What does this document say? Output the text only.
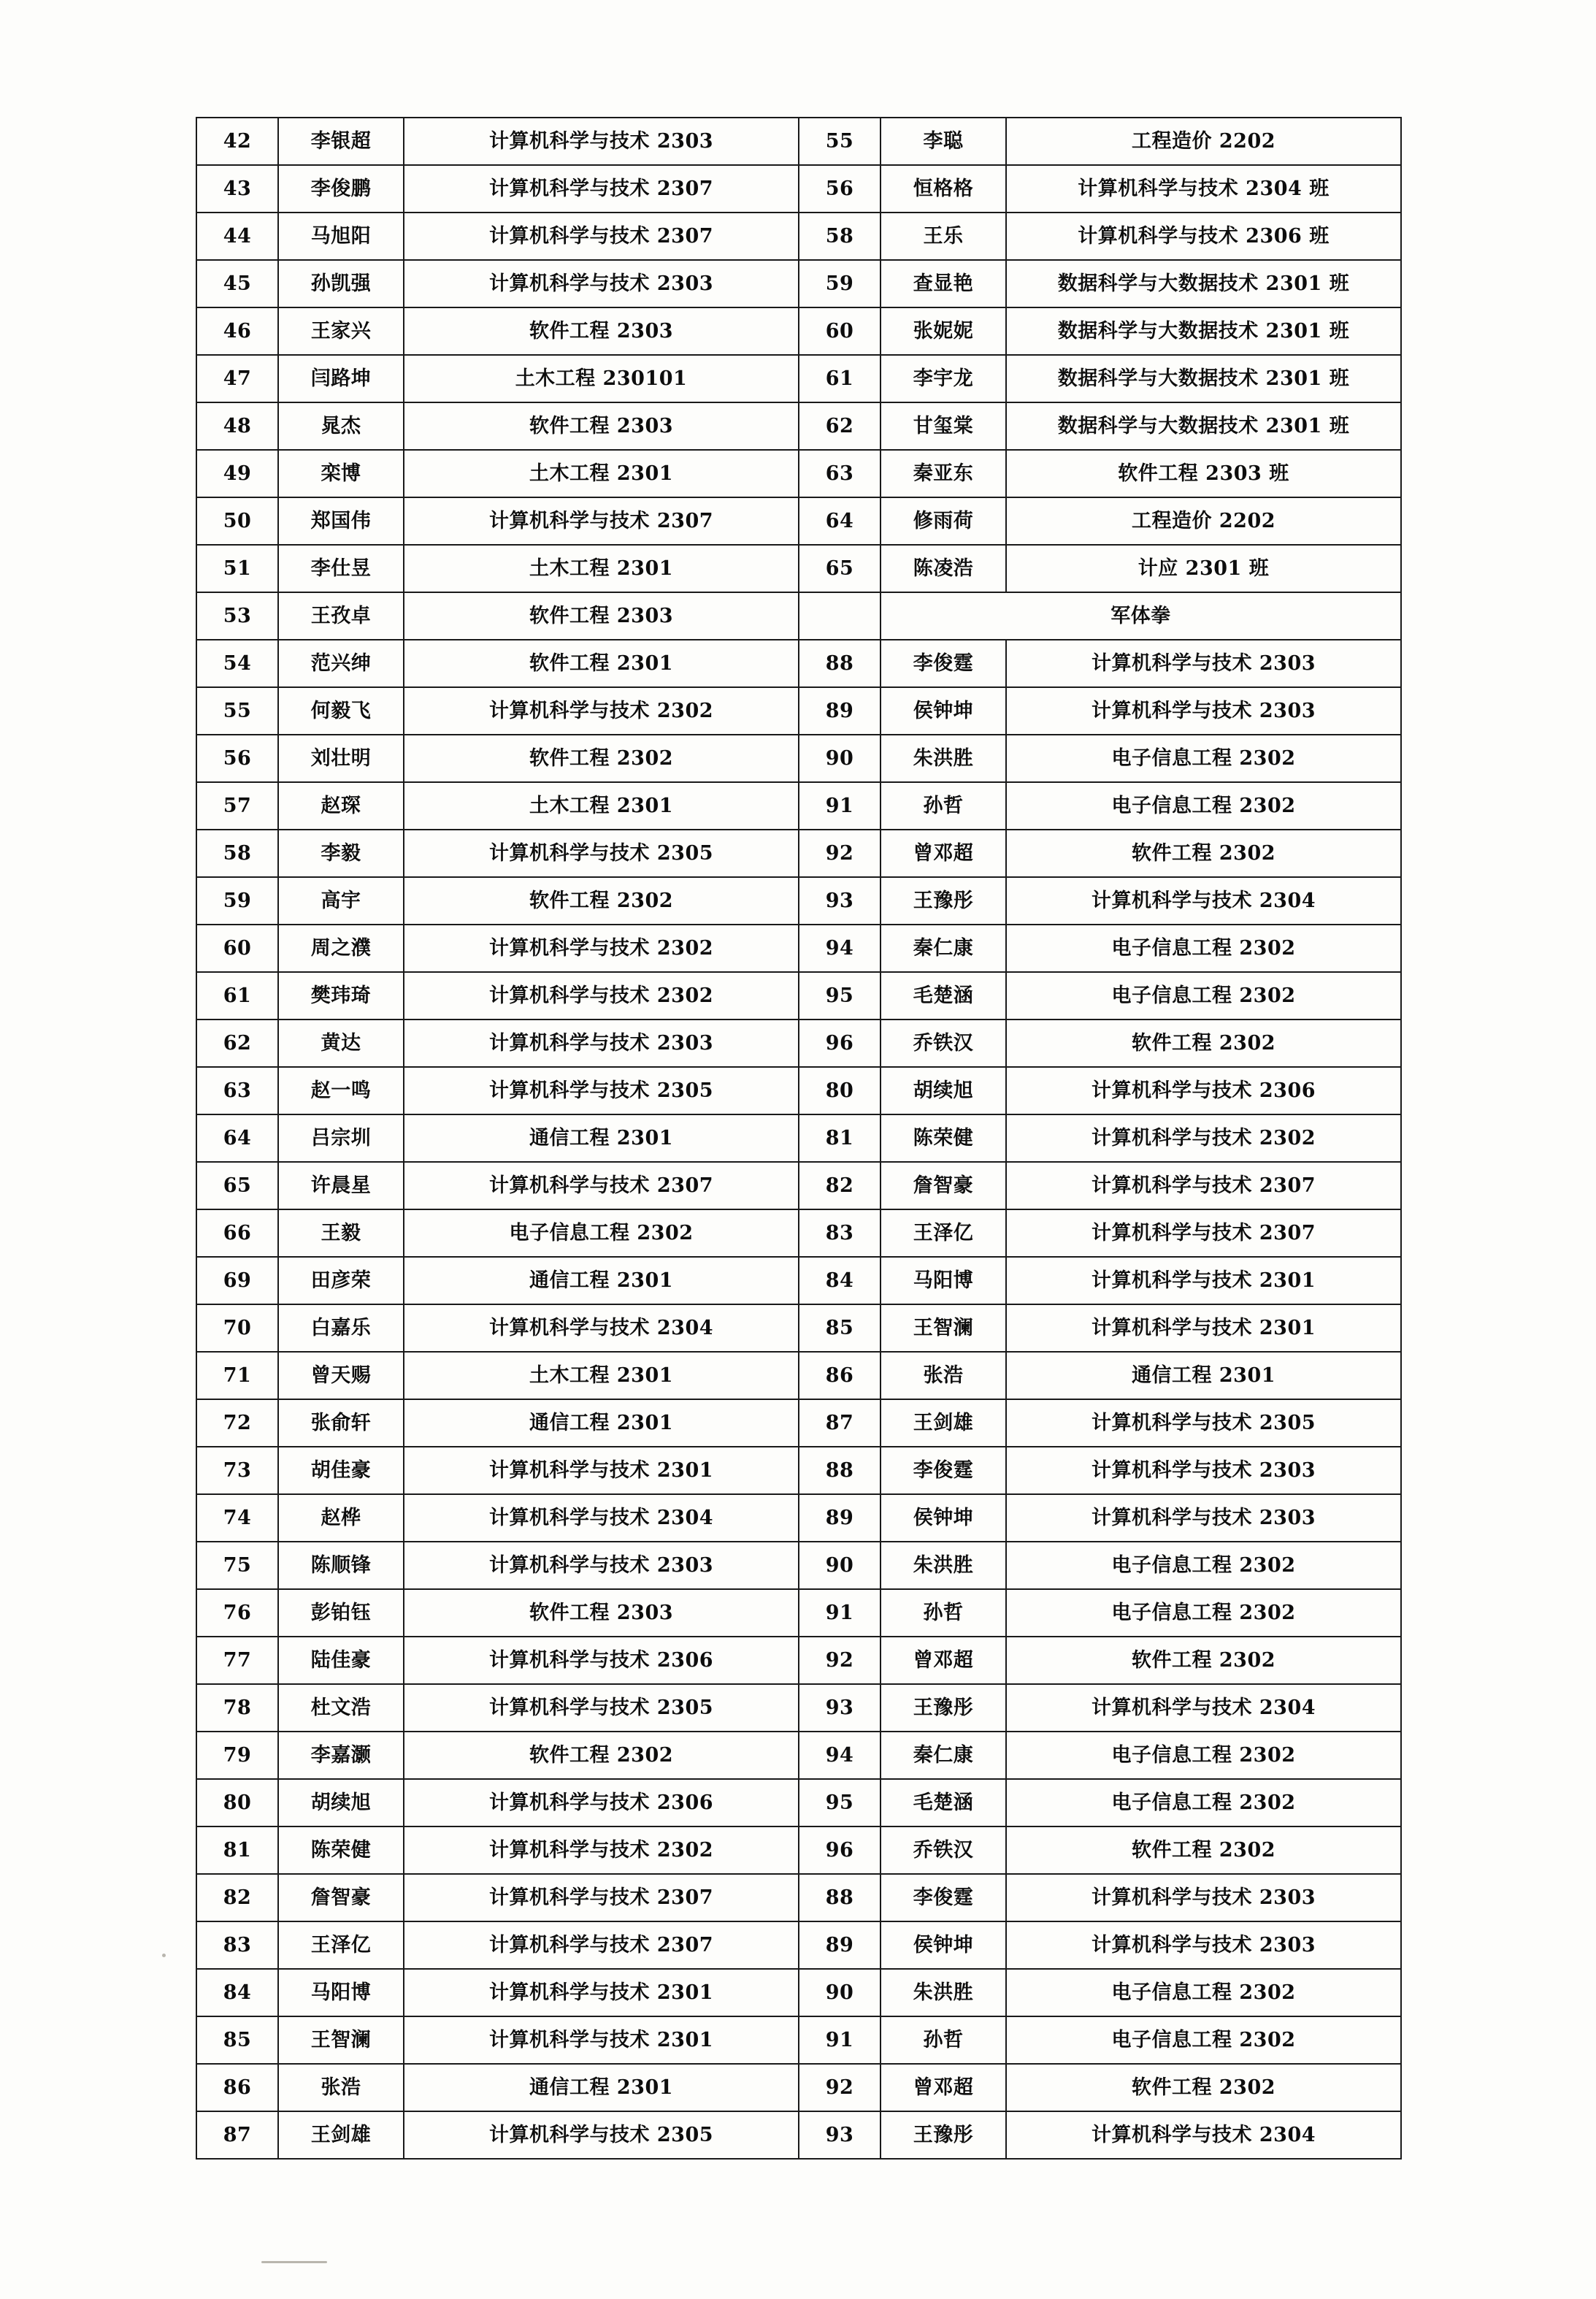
42	李银超	计算机科学与技术 2303	55	李聪	工程造价 2202
43	李俊鹏	计算机科学与技术 2307	56	恒格格	计算机科学与技术 2304 班
44	马旭阳	计算机科学与技术 2307	58	王乐	计算机科学与技术 2306 班
45	孙凯强	计算机科学与技术 2303	59	查显艳	数据科学与大数据技术 2301 班
46	王家兴	软件工程 2303	60	张妮妮	数据科学与大数据技术 2301 班
47	闫路坤	土木工程 230101	61	李宇龙	数据科学与大数据技术 2301 班
48	晁杰	软件工程 2303	62	甘玺棠	数据科学与大数据技术 2301 班
49	栾博	土木工程 2301	63	秦亚东	软件工程 2303 班
50	郑国伟	计算机科学与技术 2307	64	修雨荷	工程造价 2202
51	李仕昱	土木工程 2301	65	陈凌浩	计应 2301 班
53	王孜卓	软件工程 2303		军体拳	
54	范兴绅	软件工程 2301	88	李俊霆	计算机科学与技术 2303
55	何毅飞	计算机科学与技术 2302	89	侯钟坤	计算机科学与技术 2303
56	刘壮明	软件工程 2302	90	朱洪胜	电子信息工程 2302
57	赵琛	土木工程 2301	91	孙哲	电子信息工程 2302
58	李毅	计算机科学与技术 2305	92	曾邓超	软件工程 2302
59	高宇	软件工程 2302	93	王豫彤	计算机科学与技术 2304
60	周之濮	计算机科学与技术 2302	94	秦仁康	电子信息工程 2302
61	樊玮琦	计算机科学与技术 2302	95	毛楚涵	电子信息工程 2302
62	黄达	计算机科学与技术 2303	96	乔铁汉	软件工程 2302
63	赵一鸣	计算机科学与技术 2305	80	胡续旭	计算机科学与技术 2306
64	吕宗圳	通信工程 2301	81	陈荣健	计算机科学与技术 2302
65	许晨星	计算机科学与技术 2307	82	詹智豪	计算机科学与技术 2307
66	王毅	电子信息工程 2302	83	王泽亿	计算机科学与技术 2307
69	田彦荣	通信工程 2301	84	马阳博	计算机科学与技术 2301
70	白嘉乐	计算机科学与技术 2304	85	王智澜	计算机科学与技术 2301
71	曾天赐	土木工程 2301	86	张浩	通信工程 2301
72	张俞轩	通信工程 2301	87	王剑雄	计算机科学与技术 2305
73	胡佳豪	计算机科学与技术 2301	88	李俊霆	计算机科学与技术 2303
74	赵桦	计算机科学与技术 2304	89	侯钟坤	计算机科学与技术 2303
75	陈顺锋	计算机科学与技术 2303	90	朱洪胜	电子信息工程 2302
76	彭铂钰	软件工程 2303	91	孙哲	电子信息工程 2302
77	陆佳豪	计算机科学与技术 2306	92	曾邓超	软件工程 2302
78	杜文浩	计算机科学与技术 2305	93	王豫彤	计算机科学与技术 2304
79	李嘉灏	软件工程 2302	94	秦仁康	电子信息工程 2302
80	胡续旭	计算机科学与技术 2306	95	毛楚涵	电子信息工程 2302
81	陈荣健	计算机科学与技术 2302	96	乔铁汉	软件工程 2302
82	詹智豪	计算机科学与技术 2307	88	李俊霆	计算机科学与技术 2303
83	王泽亿	计算机科学与技术 2307	89	侯钟坤	计算机科学与技术 2303
84	马阳博	计算机科学与技术 2301	90	朱洪胜	电子信息工程 2302
85	王智澜	计算机科学与技术 2301	91	孙哲	电子信息工程 2302
86	张浩	通信工程 2301	92	曾邓超	软件工程 2302
87	王剑雄	计算机科学与技术 2305	93	王豫彤	计算机科学与技术 2304
